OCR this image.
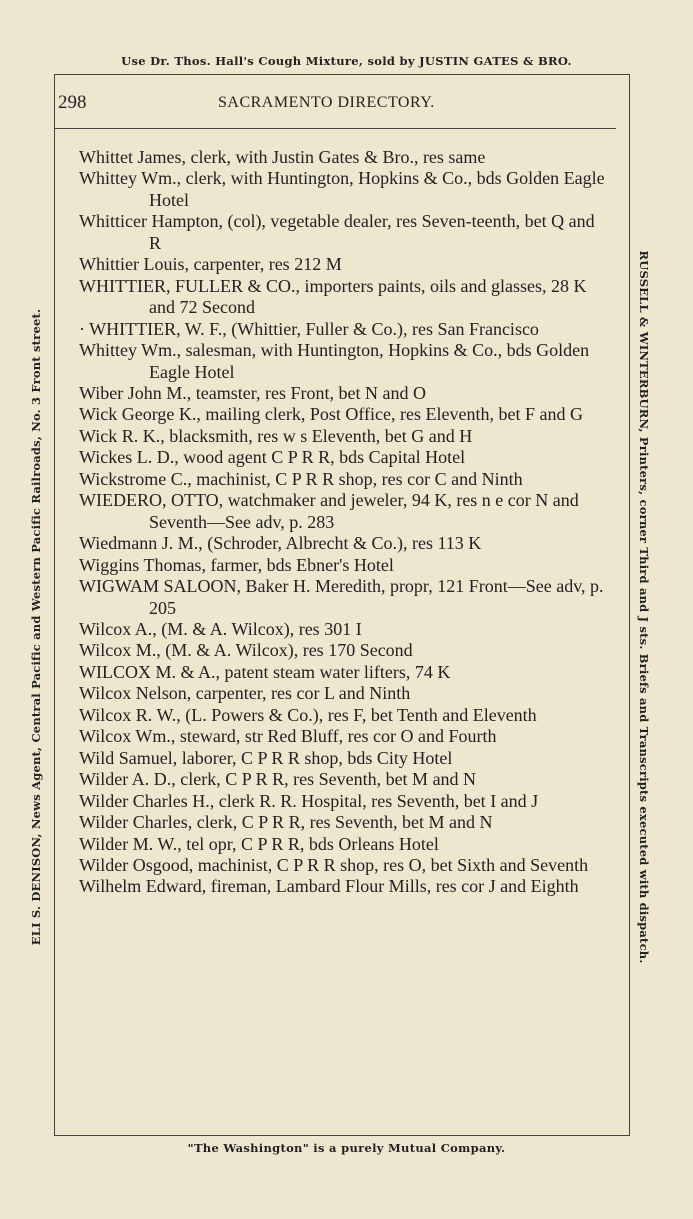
Use Dr. Thos. Hall's Cough Mixture, sold by JUSTIN GATES & BRO.
298	SACRAMENTO DIRECTORY.

Whittet James, clerk, with Justin Gates & Bro., res same

Whittey Wm., clerk, with Huntington, Hopkins & Co., bds Golden Eagle Hotel

Whitticer Hampton, (col), vegetable dealer, res Seven-teenth, bet Q and R

Whittier Louis, carpenter, res 212 M

WHITTIER, FULLER & CO., importers paints, oils and glasses, 28 K and 72 Second

· WHITTIER, W. F., (Whittier, Fuller & Co.), res San Francisco

Whittey Wm., salesman, with Huntington, Hopkins & Co., bds Golden Eagle Hotel

Wiber John M., teamster, res Front, bet N and O

Wick George K., mailing clerk, Post Office, res Eleventh, bet F and G

Wick R. K., blacksmith, res w s Eleventh, bet G and H

Wickes L. D., wood agent C P R R, bds Capital Hotel

Wickstrome C., machinist, C P R R shop, res cor C and Ninth

WIEDERO, OTTO, watchmaker and jeweler, 94 K, res n e cor N and Seventh—See adv, p. 283

Wiedmann J. M., (Schroder, Albrecht & Co.), res 113 K

Wiggins Thomas, farmer, bds Ebner's Hotel

WIGWAM SALOON, Baker H. Meredith, propr, 121 Front—See adv, p. 205

Wilcox A., (M. & A. Wilcox), res 301 I

Wilcox M., (M. & A. Wilcox), res 170 Second

WILCOX M. & A., patent steam water lifters, 74 K

Wilcox Nelson, carpenter, res cor L and Ninth

Wilcox R. W., (L. Powers & Co.), res F, bet Tenth and Eleventh

Wilcox Wm., steward, str Red Bluff, res cor O and Fourth

Wild Samuel, laborer, C P R R shop, bds City Hotel

Wilder A. D., clerk, C P R R, res Seventh, bet M and N

Wilder Charles H., clerk R. R. Hospital, res Seventh, bet I and J

Wilder Charles, clerk, C P R R, res Seventh, bet M and N

Wilder M. W., tel opr, C P R R, bds Orleans Hotel

Wilder Osgood, machinist, C P R R shop, res O, bet Sixth and Seventh

Wilhelm Edward, fireman, Lambard Flour Mills, res cor J and Eighth

ELI S. DENISON, News Agent, Central Pacific and Western Pacific Railroads, No. 3 Front street.	RUSSELL & WINTERBURN, Printers, corner Third and J sts. Briefs and Transcripts executed with dispatch.
"The Washington" is a purely Mutual Company.
